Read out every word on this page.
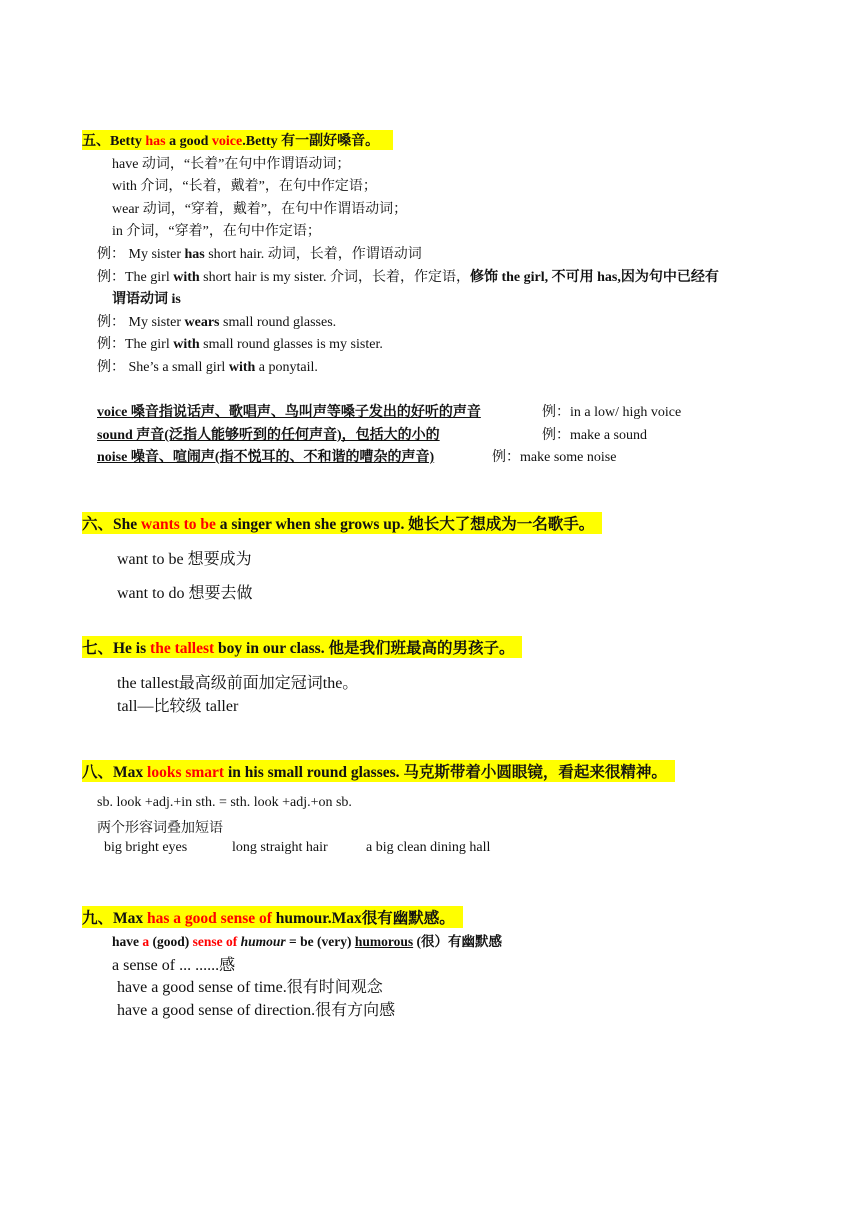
五、Betty has a good voice.Betty 有一副好嗓音。
have 动词，“长着”在句中作谓语动词；
with 介词，“长着，戴着”，在句中作定语；
wear 动词，“穿着，戴着”，在句中作谓语动词；
in 介词，“穿着”，在句中作定语；
例： My sister has short hair. 动词，长着，作谓语动词
例：The girl with short hair is my sister. 介词，长着，作定语，修饰 the girl, 不可用 has,因为句中已经有
谓语动词 is
例： My sister wears small round glasses.
例：The girl with small round glasses is my sister.
例： She’s a small girl with a ponytail.
voice 嗓音指说话声、歌唱声、鸟叫声等嗓子发出的好听的声音	例：in a low/ high voice
sound 声音(泛指人能够听到的任何声音)，包括大的小的	例：make a sound
noise 噪音、喧闹声(指不悦耳的、不和谐的嘈杂的声音)	例：make some noise
六、She wants to be a singer when she grows up. 她长大了想成为一名歌手。
want to be 想要成为
want to do 想要去做
七、He is the tallest boy in our class. 他是我们班最高的男孩子。
the tallest最高级前面加定冠词the。
tall—比较级 taller
八、Max looks smart in his small round glasses. 马克斯带着小圆眼镜，看起来很精神。
sb. look +adj.+in sth. = sth. look +adj.+on sb.
两个形容词叠加短语
big bright eyes	long straight hair	a big clean dining hall
九、Max has a good sense of humour.Max很有幽默感。
have a (good) sense of humour = be (very) humorous (很）有幽默感
a sense of ... ......感
have a good sense of time.很有时间观念
have a good sense of direction.很有方向感
